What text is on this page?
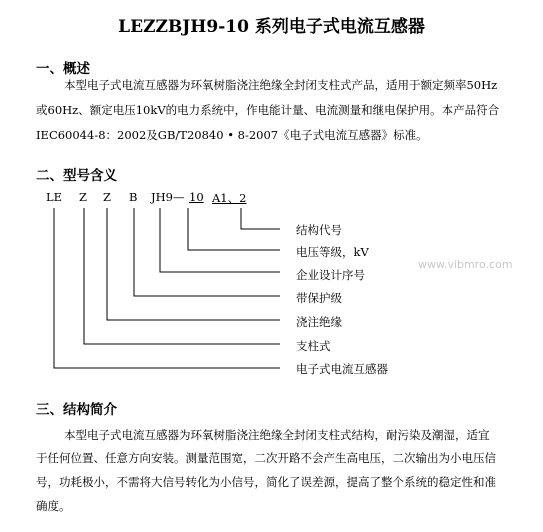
LEZZBJH9-10 系列电子式电流互感器
一、概述
本型电子式电流互感器为环氧树脂浇注绝缘全封闭支柱式产品，适用于额定频率50Hz
或60Hz、额定电压10kV的电力系统中，作电能计量、电流测量和继电保护用。本产品符合
IEC60044-8：2002及GB/T20840 • 8-2007《电子式电流互感器》标准。
二、型号含义
LE Z Z B JH9 — 10 A1、2
结构代号
电压等级，kV
企业设计序号
带保护级
浇注绝缘
支柱式
电子式电流互感器
www.vibmro.com
三、结构简介
本型电子式电流互感器为环氧树脂浇注绝缘全封闭支柱式结构，耐污染及潮湿，适宜
于任何位置、任意方向安装。测量范围宽，二次开路不会产生高电压，二次输出为小电压信
号，功耗极小，不需将大信号转化为小信号，简化了误差源，提高了整个系统的稳定性和准
确度。
